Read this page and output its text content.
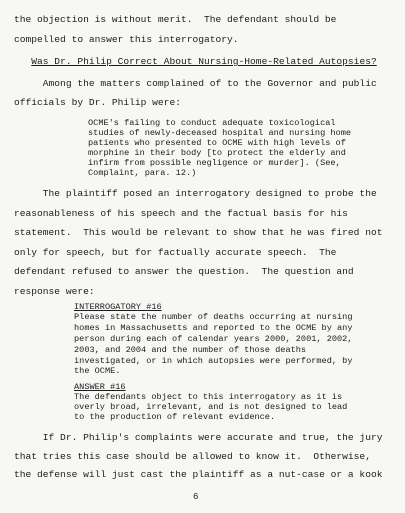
the objection is without merit.  The defendant should be
compelled to answer this interrogatory.
Was Dr. Philip Correct About Nursing-Home-Related Autopsies?
Among the matters complained of to the Governor and public
officials by Dr. Philip were:
OCME's failing to conduct adequate toxicological
studies of newly-deceased hospital and nursing home
patients who presented to OCME with high levels of
morphine in their body [to protect the elderly and
infirm from possible negligence or murder]. (See,
Complaint, para. 12.)
The plaintiff posed an interrogatory designed to probe the
reasonableness of his speech and the factual basis for his
statement.  This would be relevant to show that he was fired not
only for speech, but for factually accurate speech.  The
defendant refused to answer the question.  The question and
response were:
INTERROGATORY #16
Please state the number of deaths occurring at nursing
homes in Massachusetts and reported to the OCME by any
person during each of calendar years 2000, 2001, 2002,
2003, and 2004 and the number of those deaths
investigated, or in which autopsies were performed, by
the OCME.
ANSWER #16
The defendants object to this interrogatory as it is
overly broad, irrelevant, and is not designed to lead
to the production of relevant evidence.
If Dr. Philip's complaints were accurate and true, the jury
that tries this case should be allowed to know it.  Otherwise,
the defense will just cast the plaintiff as a nut-case or a kook
6
